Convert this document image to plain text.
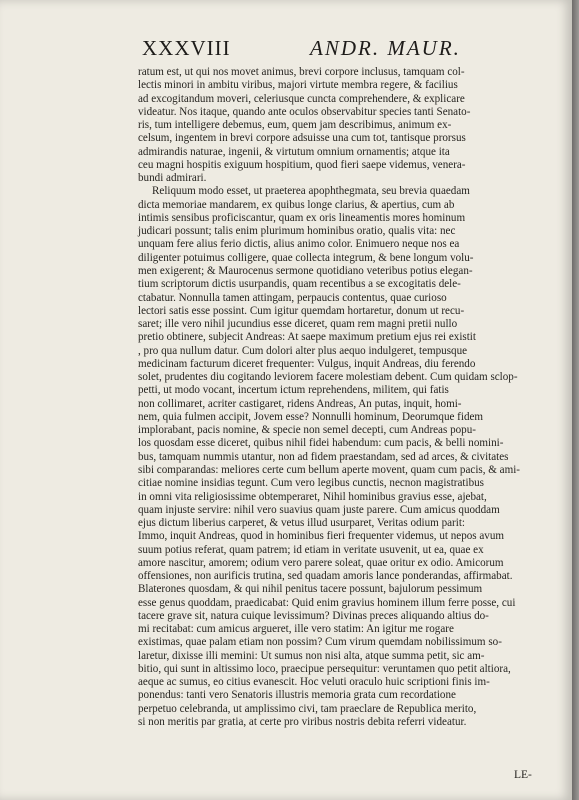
XXXVIII	ANDR. MAUR.
ratum est, ut qui nos movet animus, brevi corpore inclusus, tamquam col-
lectis minori in ambitu viribus, majori virtute membra regere, & facilius
ad excogitandum moveri, celeriusque cuncta comprehendere, & explicare
videatur. Nos itaque, quando ante oculos observabitur species tanti Senato-
ris, tum intelligere debemus, eum, quem jam describimus, animum ex-
celsum, ingentem in brevi corpore adsuisse una cum tot, tantisque prorsus
admirandis naturae, ingenii, & virtutum omnium ornamentis; atque ita
ceu magni hospitis exiguum hospitium, quod fieri saepe videmus, venera-
bundi admirari.
Reliquum modo esset, ut praeterea apophthegmata, seu brevia quaedam
dicta memoriae mandarem, ex quibus longe clarius, & apertius, cum ab
intimis sensibus proficiscantur, quam ex oris lineamentis mores hominum
judicari possunt; talis enim plurimum hominibus oratio, qualis vita: nec
unquam fere alius ferio dictis, alius animo color. Enimuero neque nos ea
diligenter potuimus colligere, quae collecta integrum, & bene longum volu-
men exigerent; & Maurocenus sermone quotidiano veteribus potius elegan-
tium scriptorum dictis usurpandis, quam recentibus a se excogitatis dele-
ctabatur. Nonnulla tamen attingam, perpaucis contentus, quae curioso
lectori satis esse possint. Cum igitur quemdam hortaretur, donum ut recu-
saret; ille vero nihil jucundius esse diceret, quam rem magni pretii nullo
pretio obtinere, subjecit Andreas: At saepe maximum pretium ejus rei existit
, pro qua nullum datur. Cum dolori alter plus aequo indulgeret, tempusque
medicinam facturum diceret frequenter: Vulgus, inquit Andreas, diu ferendo
solet, prudentes diu cogitando leviorem facere molestiam debent. Cum quidam sclop-
petti, ut modo vocant, incertum ictum reprehendens, militem, qui fatis
non collimaret, acriter castigaret, ridens Andreas, An putas, inquit, homi-
nem, quia fulmen accipit, Jovem esse? Nonnulli hominum, Deorumque fidem
implorabant, pacis nomine, & specie non semel decepti, cum Andreas popu-
los quosdam esse diceret, quibus nihil fidei habendum: cum pacis, & belli nomini-
bus, tamquam nummis utantur, non ad fidem praestandam, sed ad arces, & civitates
sibi comparandas: meliores certe cum bellum aperte movent, quam cum pacis, & ami-
citiae nomine insidias tegunt. Cum vero legibus cunctis, necnon magistratibus
in omni vita religiosissime obtemperaret, Nihil hominibus gravius esse, ajebat,
quam injuste servire: nihil vero suavius quam juste parere. Cum amicus quoddam
ejus dictum liberius carperet, & vetus illud usurparet, Veritas odium parit:
Immo, inquit Andreas, quod in hominibus fieri frequenter videmus, ut nepos avum
suum potius referat, quam patrem; id etiam in veritate usuvenit, ut ea, quae ex
amore nascitur, amorem; odium vero parere soleat, quae oritur ex odio. Amicorum
offensiones, non aurificis trutina, sed quadam amoris lance ponderandas, affirmabat.
Blaterones quosdam, & qui nihil penitus tacere possunt, bajulorum pessimum
esse genus quoddam, praedicabat: Quid enim gravius hominem illum ferre posse, cui
tacere grave sit, natura cuique levissimum? Divinas preces aliquando altius do-
mi recitabat: cum amicus argueret, ille vero statim: An igitur me rogare
existimas, quae palam etiam non possim? Cum virum quemdam nobilissimum so-
laretur, dixisse illi memini: Ut sumus non nisi alta, atque summa petit, sic am-
bitio, qui sunt in altissimo loco, praecipue persequitur: veruntamen quo petit altiora,
aeque ac sumus, eo citius evanescit. Hoc veluti oraculo huic scriptioni finis im-
ponendus: tanti vero Senatoris illustris memoria grata cum recordatione
perpetuo celebranda, ut amplissimo civi, tam praeclare de Republica merito,
si non meritis par gratia, at certe pro viribus nostris debita referri videatur.
LE-
